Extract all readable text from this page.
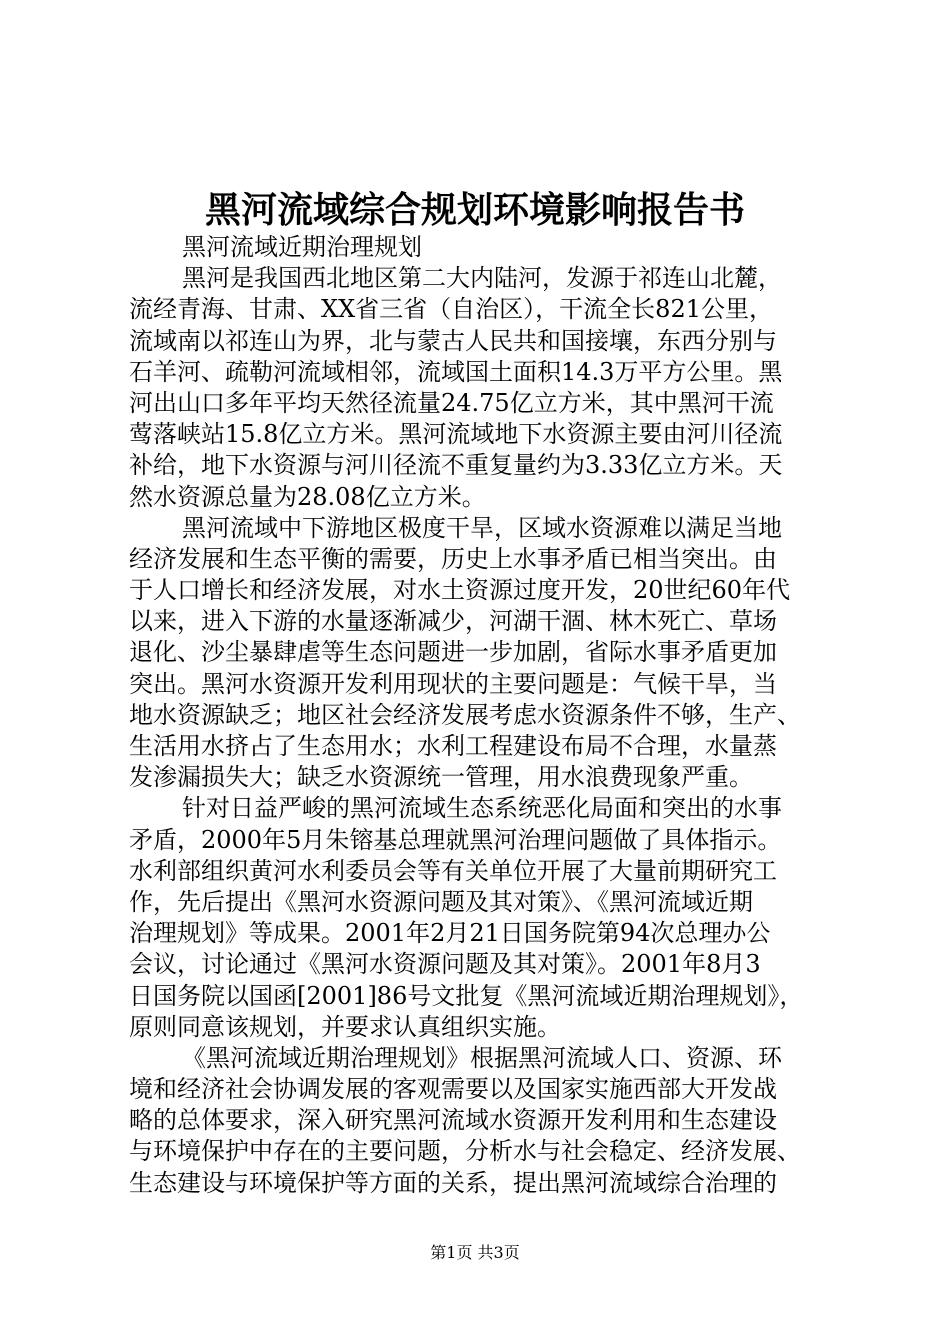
黑河流域综合规划环境影响报告书
黑河流域近期治理规划
黑河是我国西北地区第二大内陆河，发源于祁连山北麓，
流经青海、甘肃、XX省三省（自治区），干流全长821公里，
流域南以祁连山为界，北与蒙古人民共和国接壤，东西分别与
石羊河、疏勒河流域相邻，流域国土面积14.3万平方公里。黑
河出山口多年平均天然径流量24.75亿立方米，其中黑河干流
莺落峡站15.8亿立方米。黑河流域地下水资源主要由河川径流
补给，地下水资源与河川径流不重复量约为3.33亿立方米。天
然水资源总量为28.08亿立方米。
黑河流域中下游地区极度干旱，区域水资源难以满足当地
经济发展和生态平衡的需要，历史上水事矛盾已相当突出。由
于人口增长和经济发展，对水土资源过度开发，20世纪60年代
以来，进入下游的水量逐渐减少，河湖干涸、林木死亡、草场
退化、沙尘暴肆虐等生态问题进一步加剧，省际水事矛盾更加
突出。黑河水资源开发利用现状的主要问题是：气候干旱，当
地水资源缺乏；地区社会经济发展考虑水资源条件不够，生产、
生活用水挤占了生态用水；水利工程建设布局不合理，水量蒸
发渗漏损失大；缺乏水资源统一管理，用水浪费现象严重。
针对日益严峻的黑河流域生态系统恶化局面和突出的水事
矛盾，2000年5月朱镕基总理就黑河治理问题做了具体指示。
水利部组织黄河水利委员会等有关单位开展了大量前期研究工
作，先后提出《黑河水资源问题及其对策》、《黑河流域近期
治理规划》等成果。2001年2月21日国务院第94次总理办公
会议，讨论通过《黑河水资源问题及其对策》。2001年8月3
日国务院以国函[2001]86号文批复《黑河流域近期治理规划》，
原则同意该规划，并要求认真组织实施。
《黑河流域近期治理规划》根据黑河流域人口、资源、环
境和经济社会协调发展的客观需要以及国家实施西部大开发战
略的总体要求，深入研究黑河流域水资源开发利用和生态建设
与环境保护中存在的主要问题，分析水与社会稳定、经济发展、
生态建设与环境保护等方面的关系，提出黑河流域综合治理的
第1页 共3页
